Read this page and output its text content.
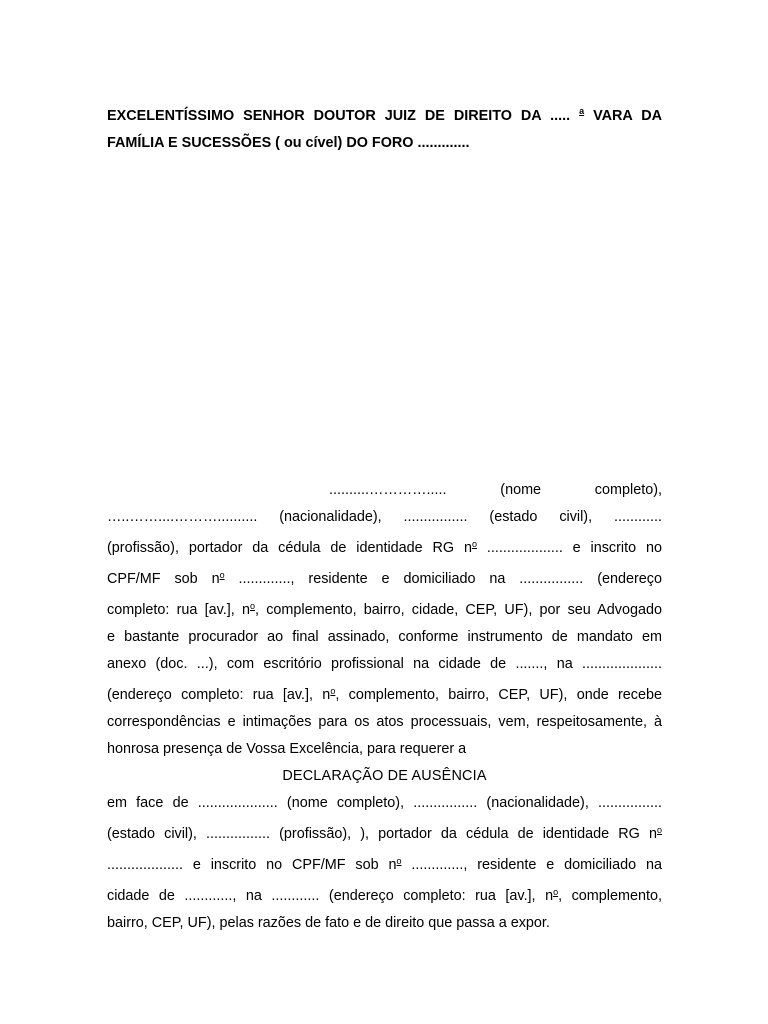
EXCELENTÍSSIMO SENHOR DOUTOR JUIZ DE DIREITO DA ..... $^a$ VARA DA
FAMÍLIA E SUCESSÕES ( ou cível) DO FORO .............
..........…………..... (nome completo),
…..……....……….......... (nacionalidade), ................ (estado civil), ............
(profissão), portador da cédula de identidade RG $n^o$ ................... e inscrito no
CPF/MF sob $n^o$ ............., residente e domiciliado na ................ (endereço
completo: rua [av.], $n^o$, complemento, bairro, cidade, CEP, UF), por seu Advogado
e bastante procurador ao final assinado, conforme instrumento de mandato em
anexo (doc. ...), com escritório profissional na cidade de ......., na ....................
(endereço completo: rua [av.], $n^o$, complemento, bairro, CEP, UF), onde recebe
correspondências e intimações para os atos processuais, vem, respeitosamente, à
honrosa presença de Vossa Excelência, para requerer a
DECLARAÇÃO DE AUSÊNCIA
em face de .................... (nome completo), ................ (nacionalidade), ................
(estado civil), ................ (profissão), ), portador da cédula de identidade RG $n^o$
................... e inscrito no CPF/MF sob $n^o$ ............., residente e domiciliado na
cidade de ............, na ............ (endereço completo: rua [av.], $n^o$, complemento,
bairro, CEP, UF), pelas razões de fato e de direito que passa a expor.
